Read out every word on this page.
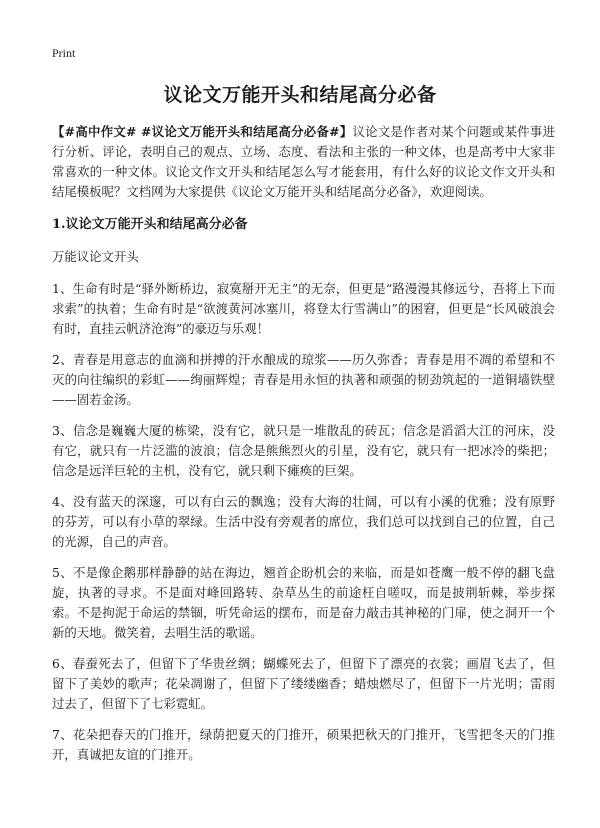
Print
议论文万能开头和结尾高分必备

【#高中作文# #议论文万能开头和结尾高分必备#】议论文是作者对某个问题或某件事进行分析、评论，表明自己的观点、立场、态度、看法和主张的一种文体，也是高考中大家非常喜欢的一种文体。议论文作文开头和结尾怎么写才能套用，有什么好的议论文作文开头和结尾模板呢？文档网为大家提供《议论文万能开头和结尾高分必备》，欢迎阅读。

1.议论文万能开头和结尾高分必备

万能议论文开头

1、生命有时是“驿外断桥边，寂寞掰开无主”的无奈，但更是“路漫漫其修远兮，吾将上下而求索”的执着；生命有时是“欲渡黄河冰塞川，将登太行雪满山”的困窘，但更是“长风破浪会有时，直挂云帆济沧海”的豪迈与乐观！

2、青春是用意志的血滴和拼搏的汗水酿成的琼浆——历久弥香；青春是用不凋的希望和不灭的向往编织的彩虹——绚丽辉煌；青春是用永恒的执著和顽强的韧劲筑起的一道铜墙铁壁——固若金汤。

3、信念是巍巍大厦的栋梁，没有它，就只是一堆散乱的砖瓦；信念是滔滔大江的河床，没有它，就只有一片泛滥的波浪；信念是熊熊烈火的引星，没有它，就只有一把冰冷的柴把；信念是远洋巨轮的主机，没有它，就只剩下瘫痪的巨架。

4、没有蓝天的深邃，可以有白云的飘逸；没有大海的壮阔，可以有小溪的优雅；没有原野的芬芳，可以有小草的翠绿。生活中没有旁观者的席位，我们总可以找到自己的位置，自己的光源，自己的声音。

5、不是像企鹅那样静静的站在海边，翘首企盼机会的来临，而是如苍鹰一般不停的翻飞盘旋，执著的寻求。不是面对峰回路转、杂草丛生的前途枉自嗟叹，而是披荆斩棘，举步探索。不是拘泥于命运的禁锢，听凭命运的摆布，而是奋力敲击其神秘的门扉，使之洞开一个新的天地。微笑着，去唱生活的歌谣。

6、春蚕死去了，但留下了华贵丝绸；蝴蝶死去了，但留下了漂亮的衣裳；画眉飞去了，但留下了美妙的歌声；花朵凋谢了，但留下了缕缕幽香；蜡烛燃尽了，但留下一片光明；雷雨过去了，但留下了七彩霓虹。

7、花朵把春天的门推开，绿荫把夏天的门推开，硕果把秋天的门推开，飞雪把冬天的门推开，真诚把友谊的门推开。
